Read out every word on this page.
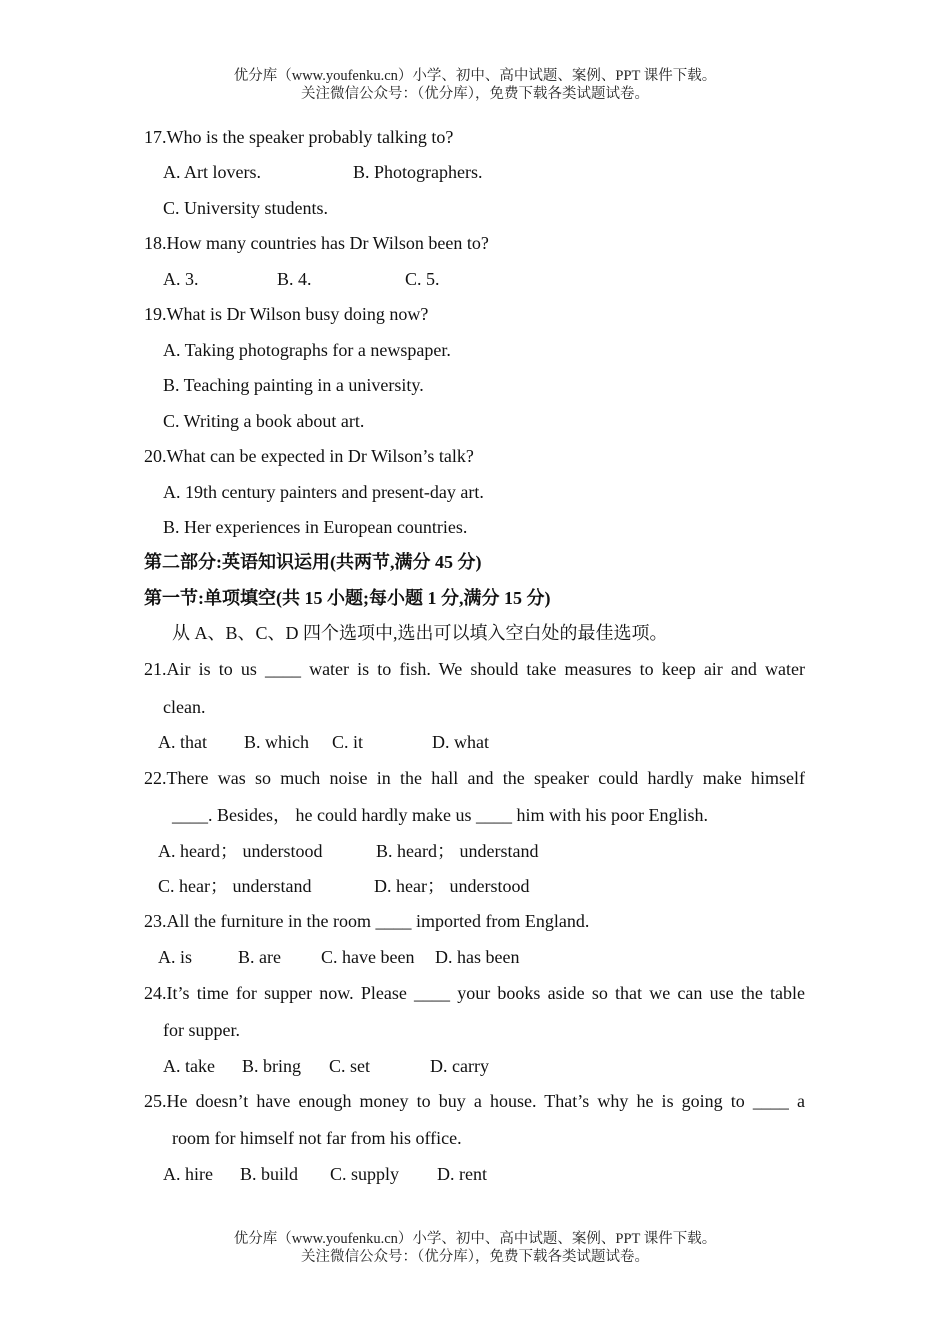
优分库（www.youfenku.cn）小学、初中、高中试题、案例、PPT 课件下载。
关注微信公众号：（优分库），免费下载各类试题试卷。
17.Who is the speaker probably talking to?
A. Art lovers.	B. Photographers.
C. University students.
18.How many countries has Dr Wilson been to?
A. 3.	B. 4.	C. 5.
19.What is Dr Wilson busy doing now?
A. Taking photographs for a newspaper.
B. Teaching painting in a university.
C. Writing a book about art.
20.What can be expected in Dr Wilson’s talk?
A. 19th century painters and present-day art.
B. Her experiences in European countries.
第二部分:英语知识运用(共两节,满分 45 分)
第一节:单项填空(共 15 小题;每小题 1 分,满分 15 分)
从 A、B、C、D 四个选项中,选出可以填入空白处的最佳选项。
21.Air is to us ____ water is to fish. We should take measures to keep air and water
clean.
A. that B. which C. it	D. what
22.There was so much noise in the hall and the speaker could hardly make himself
____. Besides， he could hardly make us ____ him with his poor English.
A. heard； understood	B. heard； understand
C. hear； understand	D. hear； understood
23.All the furniture in the room ____ imported from England.
A. is	B. are C. have been D. has been
24.It’s time for supper now. Please ____ your books aside so that we can use the table
for supper.
A. take B. bring C. set	D. carry
25.He doesn’t have enough money to buy a house. That’s why he is going to ____ a
room for himself not far from his office.
A. hire B. build C. supply D. rent
优分库（www.youfenku.cn）小学、初中、高中试题、案例、PPT 课件下载。
关注微信公众号：（优分库），免费下载各类试题试卷。
